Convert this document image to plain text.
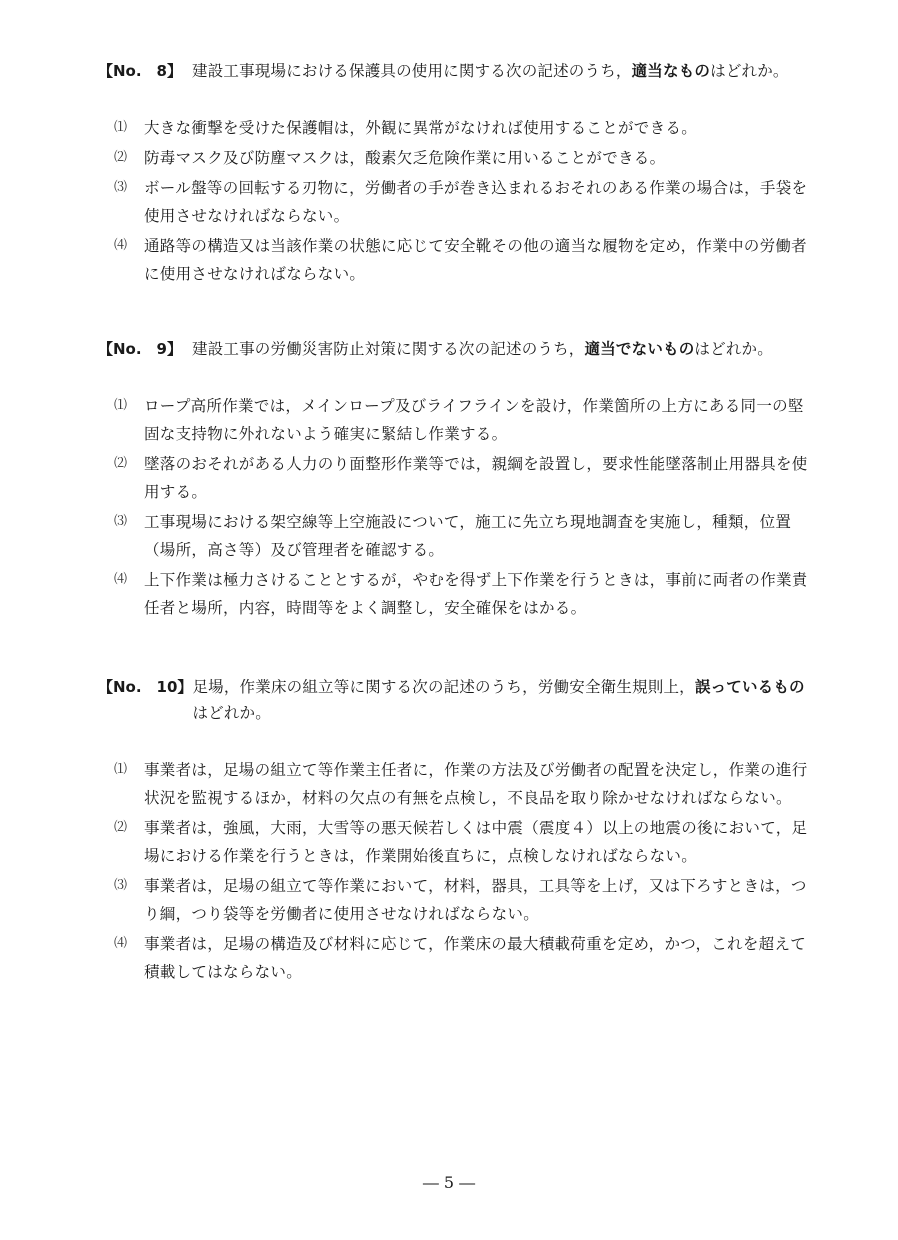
【No.　8】 建設工事現場における保護具の使用に関する次の記述のうち，適当なものはどれか。
⑴	大きな衝撃を受けた保護帽は，外観に異常がなければ使用することができる。
⑵	防毒マスク及び防塵マスクは，酸素欠乏危険作業に用いることができる。
⑶	ボール盤等の回転する刃物に，労働者の手が巻き込まれるおそれのある作業の場合は，手袋を使用させなければならない。
⑷	通路等の構造又は当該作業の状態に応じて安全靴その他の適当な履物を定め，作業中の労働者に使用させなければならない。
【No.　9】 建設工事の労働災害防止対策に関する次の記述のうち，適当でないものはどれか。
⑴	ロープ高所作業では，メインロープ及びライフラインを設け，作業箇所の上方にある同一の堅固な支持物に外れないよう確実に緊結し作業する。
⑵	墜落のおそれがある人力のり面整形作業等では，親綱を設置し，要求性能墜落制止用器具を使用する。
⑶	工事現場における架空線等上空施設について，施工に先立ち現地調査を実施し，種類，位置（場所，高さ等）及び管理者を確認する。
⑷	上下作業は極力さけることとするが，やむを得ず上下作業を行うときは，事前に両者の作業責任者と場所，内容，時間等をよく調整し，安全確保をはかる。
【No.　10】 足場，作業床の組立等に関する次の記述のうち，労働安全衛生規則上，誤っているものはどれか。
⑴	事業者は，足場の組立て等作業主任者に，作業の方法及び労働者の配置を決定し，作業の進行状況を監視するほか，材料の欠点の有無を点検し，不良品を取り除かせなければならない。
⑵	事業者は，強風，大雨，大雪等の悪天候若しくは中震（震度４）以上の地震の後において，足場における作業を行うときは，作業開始後直ちに，点検しなければならない。
⑶	事業者は，足場の組立て等作業において，材料，器具，工具等を上げ，又は下ろすときは，つり綱，つり袋等を労働者に使用させなければならない。
⑷	事業者は，足場の構造及び材料に応じて，作業床の最大積載荷重を定め，かつ，これを超えて積載してはならない。
― 5 ―
